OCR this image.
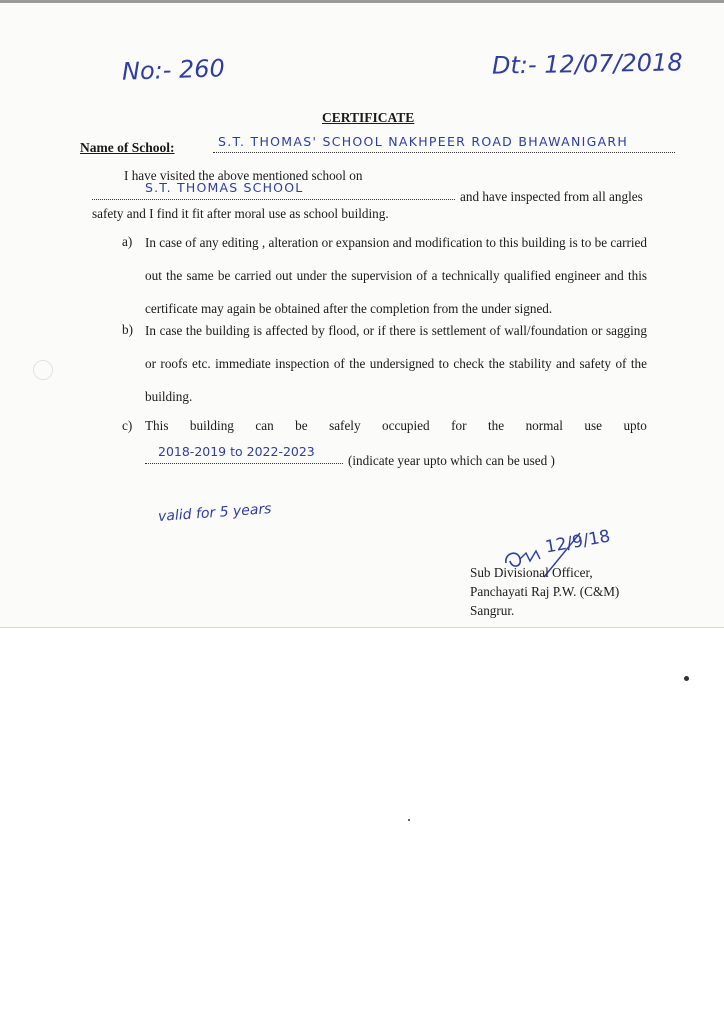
No:- 260	Dt:- 12/07/2018
CERTIFICATE
Name of School:	S.T. THOMAS' SCHOOL NAKHPEER ROAD BHAWANIGARH
I have visited the above mentioned school on
S.T. THOMAS SCHOOL
and have inspected from all angles
safety and I find it fit after moral use as school building.
a) In case of any editing , alteration or expansion and modification to this building is to be carried out the same be carried out under the supervision of a technically qualified engineer and this certificate may again be obtained after the completion from the under signed.
b) In case the building is affected by flood, or if there is settlement of wall/foundation or sagging or roofs etc. immediate inspection of the undersigned to check the stability and safety of the building.
c) This building can be safely occupied for the normal use upto
2018-2019 to 2022-2023
(indicate year upto which can be used )
valid for 5 years
12/9/18
Sub Divisional Officer,
Panchayati Raj P.W. (C&M)
Sangrur.
